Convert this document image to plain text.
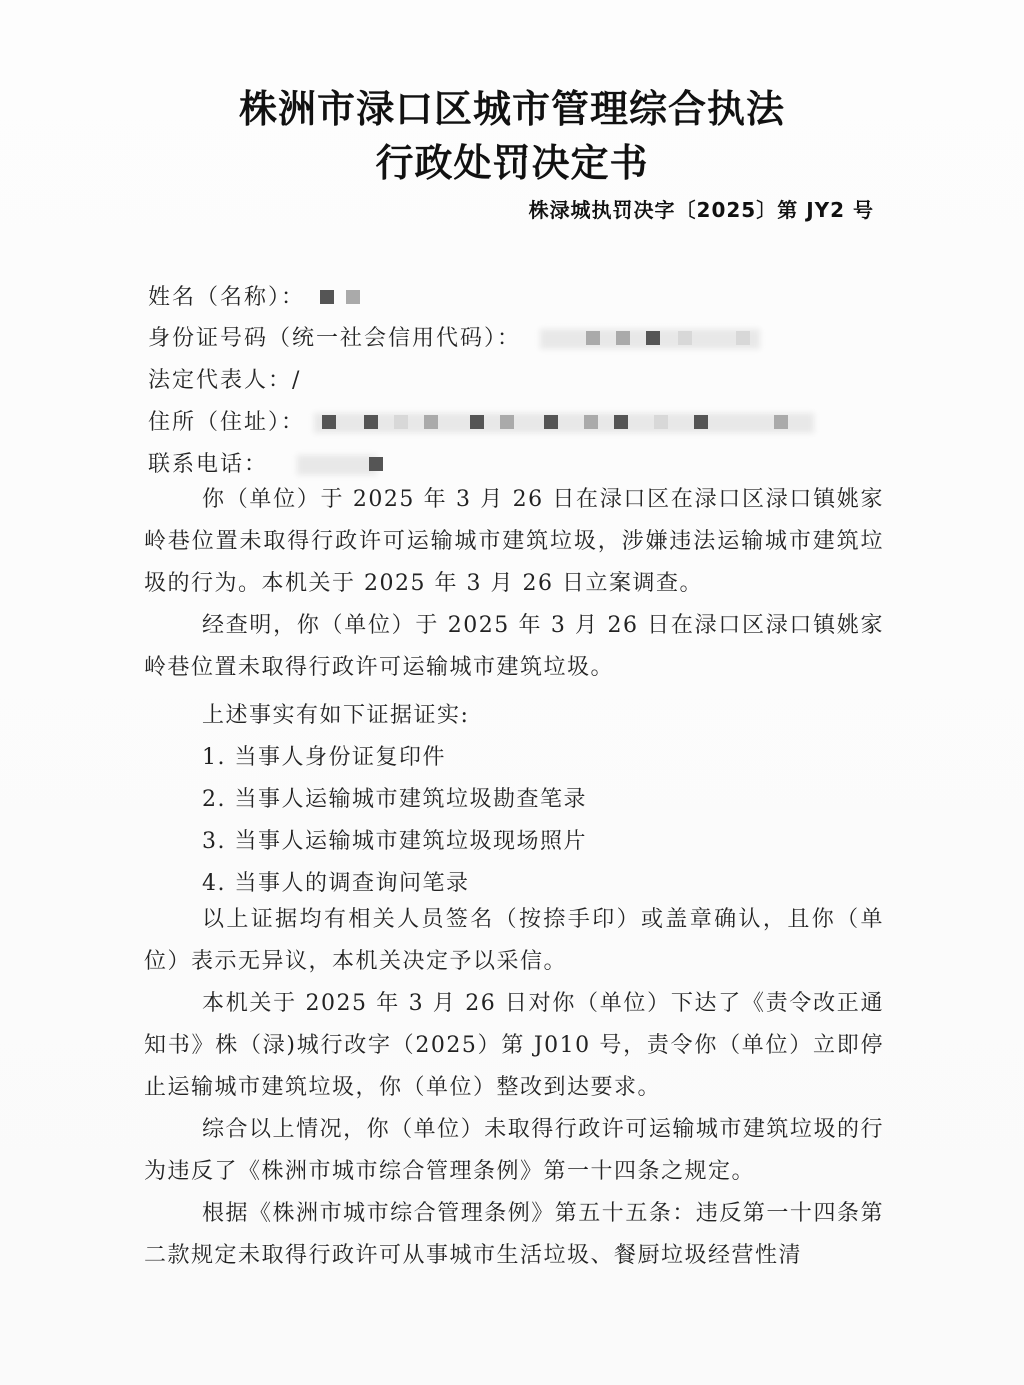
株洲市渌口区城市管理综合执法
行政处罚决定书
株渌城执罚决字〔2025〕第 JY2 号
姓名（名称）：
身份证号码（统一社会信用代码）：
法定代表人：/
住所（住址）：
联系电话：
你（单位）于 2025 年 3 月 26 日在渌口区在渌口区渌口镇姚家岭巷位置未取得行政许可运输城市建筑垃圾，涉嫌违法运输城市建筑垃圾的行为。本机关于 2025 年 3 月 26 日立案调查。
经查明，你（单位）于 2025 年 3 月 26 日在渌口区渌口镇姚家岭巷位置未取得行政许可运输城市建筑垃圾。
上述事实有如下证据证实:
1. 当事人身份证复印件
2. 当事人运输城市建筑垃圾勘查笔录
3. 当事人运输城市建筑垃圾现场照片
4. 当事人的调查询问笔录
以上证据均有相关人员签名（按捺手印）或盖章确认，且你（单位）表示无异议，本机关决定予以采信。
本机关于 2025 年 3 月 26 日对你（单位）下达了《责令改正通知书》株（渌)城行改字（2025）第 J010 号，责令你（单位）立即停止运输城市建筑垃圾，你（单位）整改到达要求。
综合以上情况，你（单位）未取得行政许可运输城市建筑垃圾的行为违反了《株洲市城市综合管理条例》第一十四条之规定。
根据《株洲市城市综合管理条例》第五十五条：违反第一十四条第二款规定未取得行政许可从事城市生活垃圾、餐厨垃圾经营性清
